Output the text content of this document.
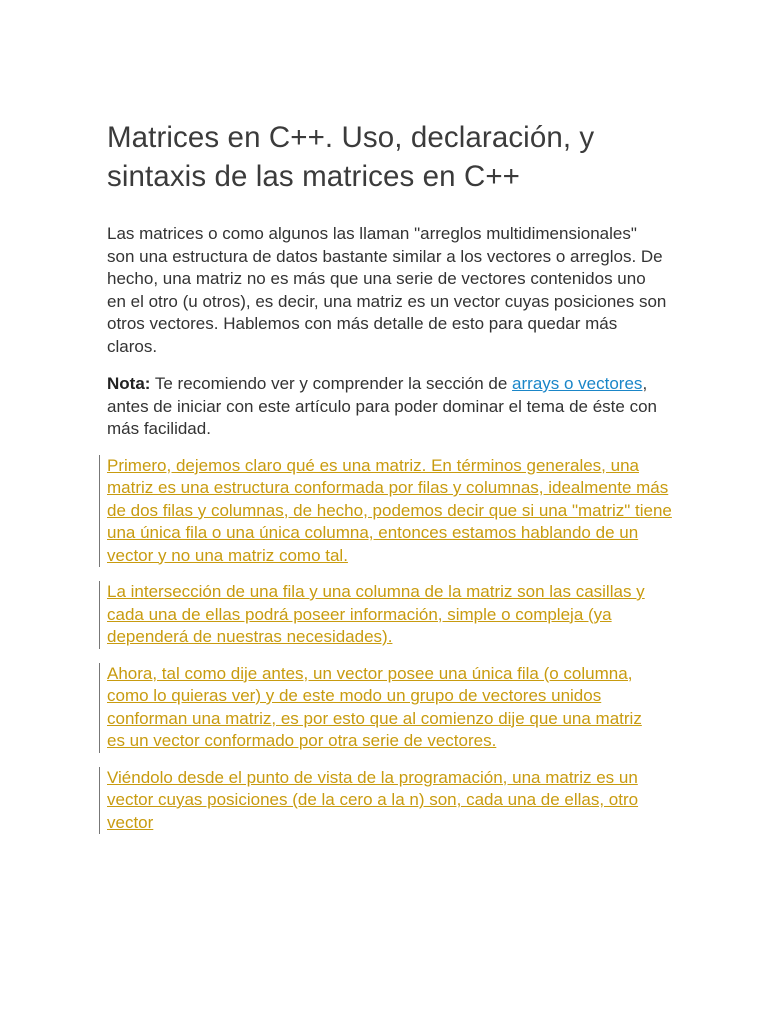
Matrices en C++. Uso, declaración, y sintaxis de las matrices en C++

Las matrices o como algunos las llaman "arreglos multidimensionales" son una estructura de datos bastante similar a los vectores o arreglos. De hecho, una matriz no es más que una serie de vectores contenidos uno en el otro (u otros), es decir, una matriz es un vector cuyas posiciones son otros vectores. Hablemos con más detalle de esto para quedar más claros.

Nota: Te recomiendo ver y comprender la sección de arrays o vectores, antes de iniciar con este artículo para poder dominar el tema de éste con más facilidad.

Primero, dejemos claro qué es una matriz. En términos generales, una matriz es una estructura conformada por filas y columnas, idealmente más de dos filas y columnas, de hecho, podemos decir que si una "matriz" tiene una única fila o una única columna, entonces estamos hablando de un vector y no una matriz como tal.
La intersección de una fila y una columna de la matriz son las casillas y cada una de ellas podrá poseer información, simple o compleja (ya dependerá de nuestras necesidades).
Ahora, tal como dije antes, un vector posee una única fila (o columna, como lo quieras ver) y de este modo un grupo de vectores unidos conforman una matriz, es por esto que al comienzo dije que una matriz es un vector conformado por otra serie de vectores.
Viéndolo desde el punto de vista de la programación, una matriz es un vector cuyas posiciones (de la cero a la n) son, cada una de ellas, otro vector
